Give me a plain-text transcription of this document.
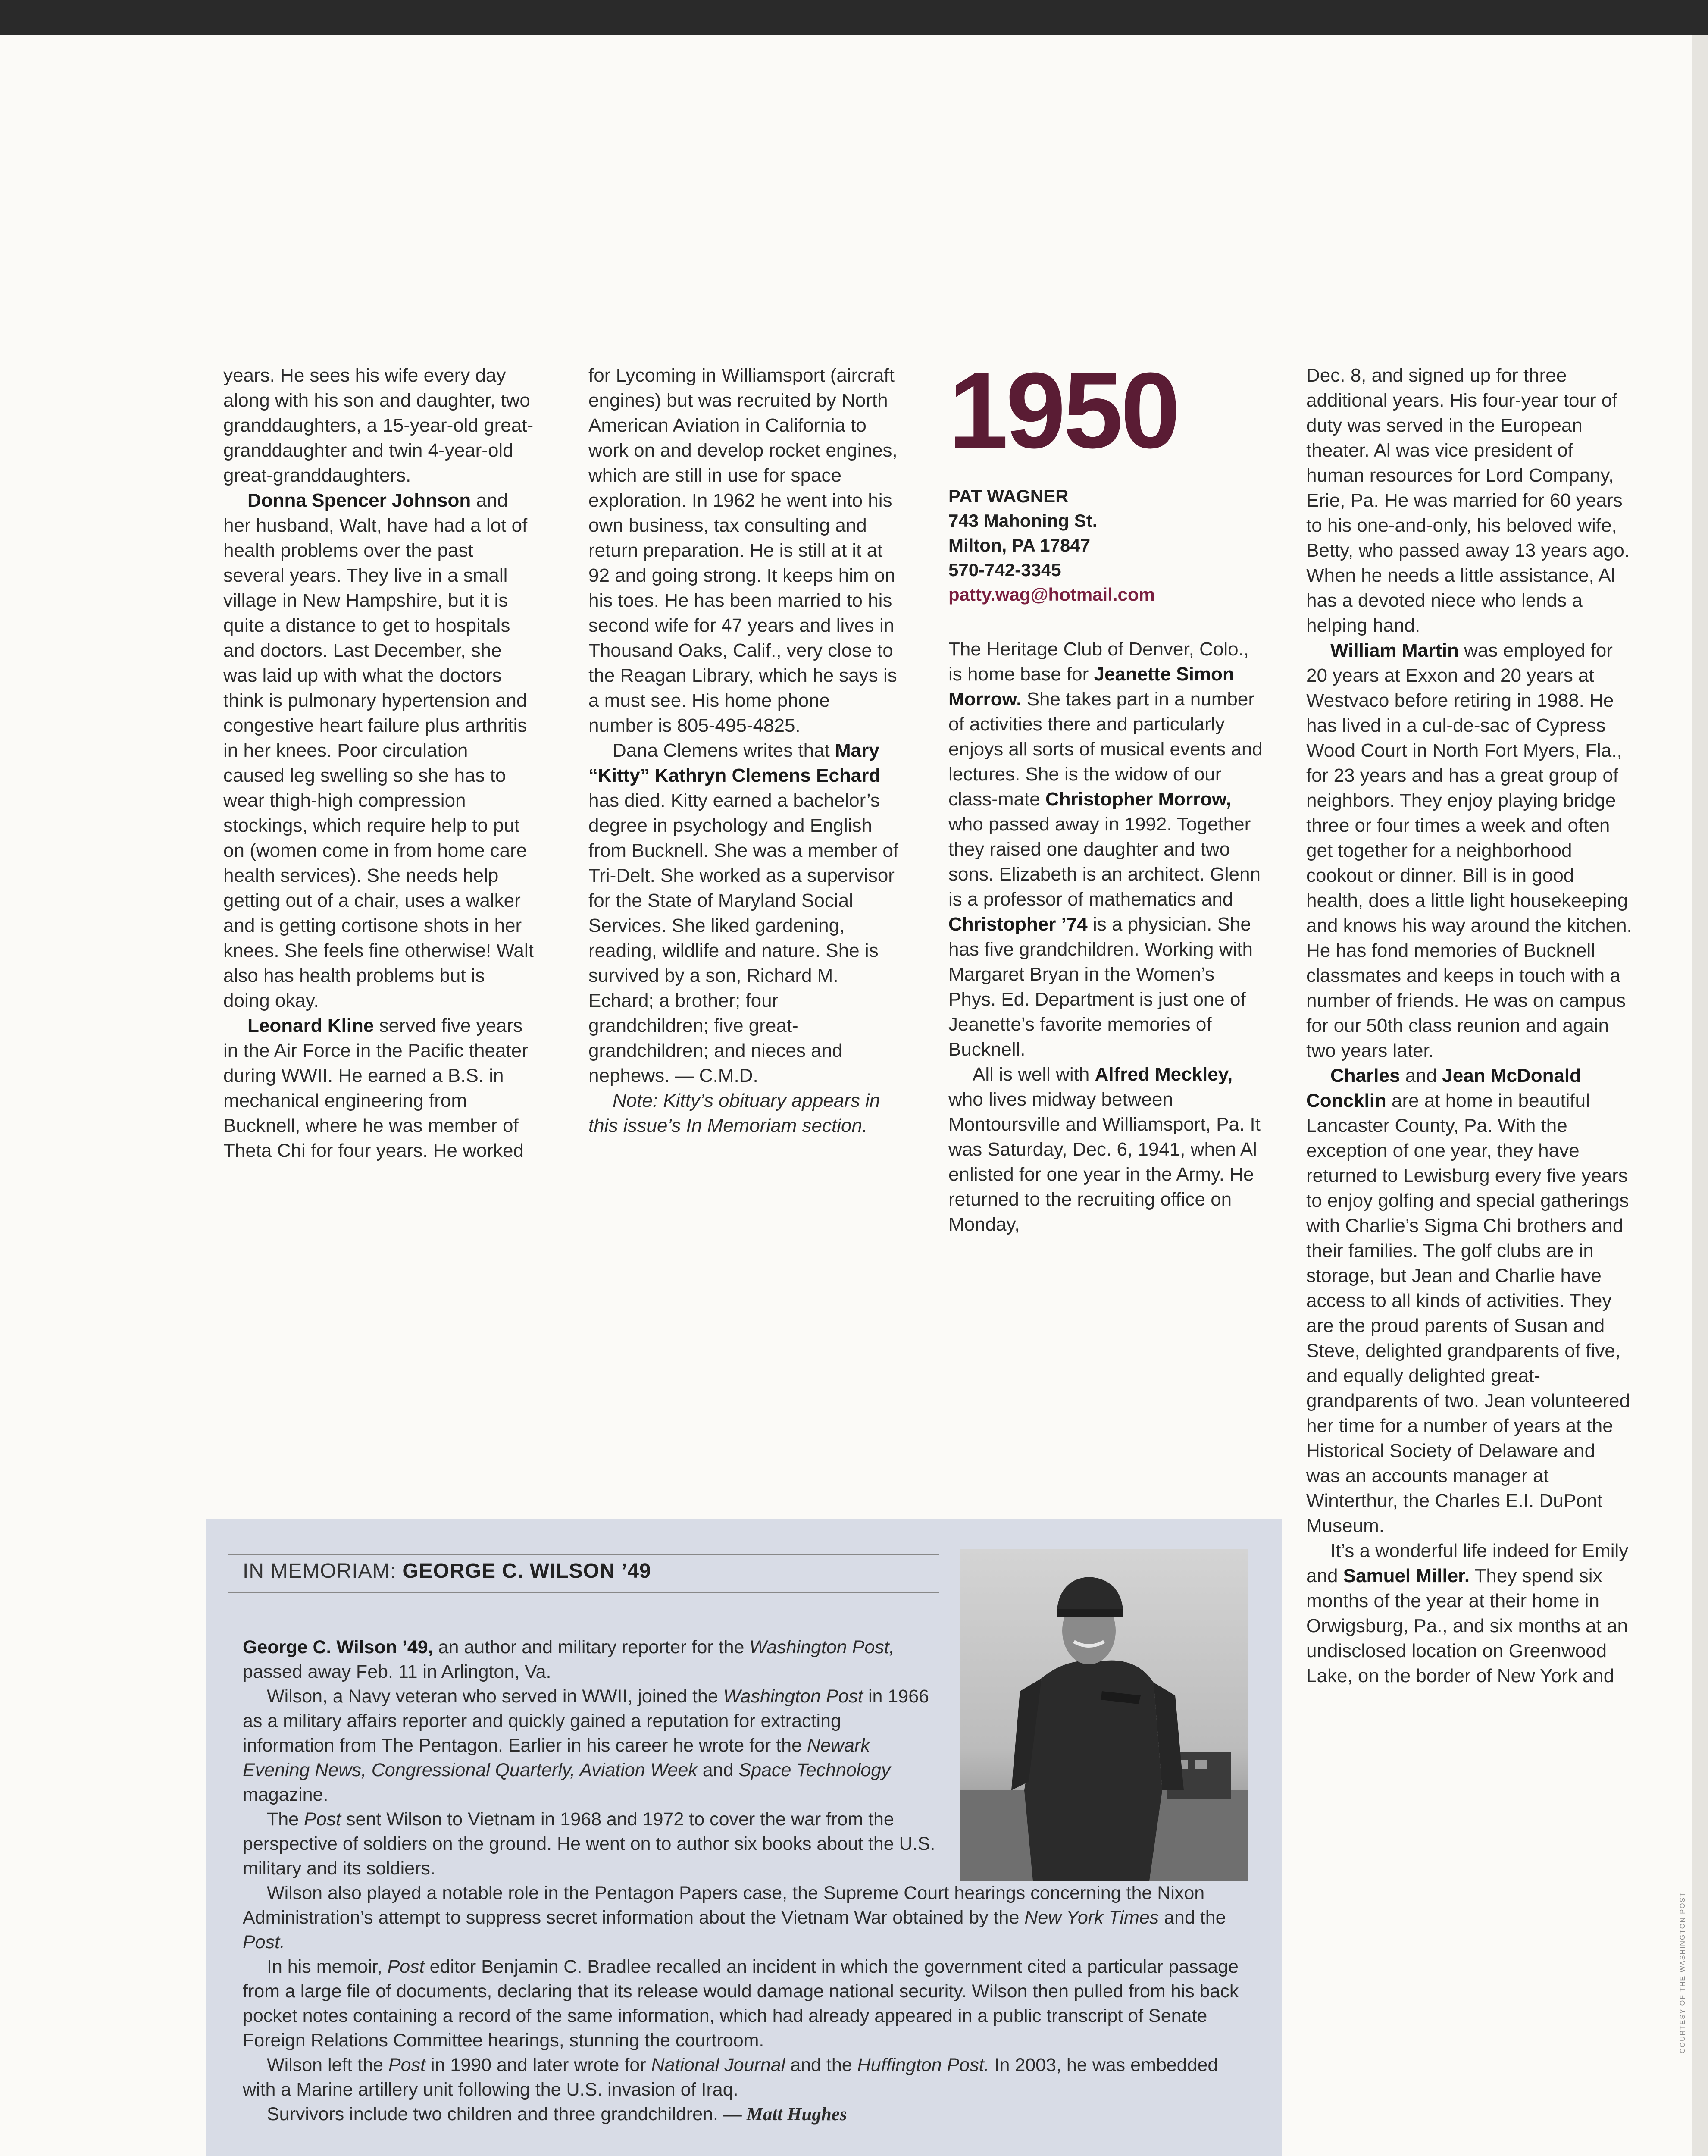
years. He sees his wife every day along with his son and daughter, two granddaughters, a 15-year-old great-granddaughter and twin 4-year-old great-granddaughters.

Donna Spencer Johnson and her husband, Walt, have had a lot of health problems over the past several years. They live in a small village in New Hampshire, but it is quite a distance to get to hospitals and doctors. Last December, she was laid up with what the doctors think is pulmonary hypertension and congestive heart failure plus arthritis in her knees. Poor circulation caused leg swelling so she has to wear thigh-high compression stockings, which require help to put on (women come in from home care health services). She needs help getting out of a chair, uses a walker and is getting cortisone shots in her knees. She feels fine otherwise! Walt also has health problems but is doing okay.

Leonard Kline served five years in the Air Force in the Pacific theater during WWII. He earned a B.S. in mechanical engineering from Bucknell, where he was member of Theta Chi for four years. He worked

for Lycoming in Williamsport (aircraft engines) but was recruited by North American Aviation in California to work on and develop rocket engines, which are still in use for space exploration. In 1962 he went into his own business, tax consulting and return preparation. He is still at it at 92 and going strong. It keeps him on his toes. He has been married to his second wife for 47 years and lives in Thousand Oaks, Calif., very close to the Reagan Library, which he says is a must see. His home phone number is 805-495-4825.

Dana Clemens writes that Mary “Kitty” Kathryn Clemens Echard has died. Kitty earned a bachelor’s degree in psychology and English from Bucknell. She was a member of Tri-Delt. She worked as a supervisor for the State of Maryland Social Services. She liked gardening, reading, wildlife and nature. She is survived by a son, Richard M. Echard; a brother; four grandchildren; five great-grandchildren; and nieces and nephews. — C.M.D.

Note: Kitty’s obituary appears in this issue’s In Memoriam section.

1950
PAT WAGNER
743 Mahoning St.
Milton, PA 17847
570-742-3345
patty.wag@hotmail.com

The Heritage Club of Denver, Colo., is home base for Jeanette Simon Morrow. She takes part in a number of activities there and particularly enjoys all sorts of musical events and lectures. She is the widow of our class-mate Christopher Morrow, who passed away in 1992. Together they raised one daughter and two sons. Elizabeth is an architect. Glenn is a professor of mathematics and Christopher ’74 is a physician. She has five grandchildren. Working with Margaret Bryan in the Women’s Phys. Ed. Department is just one of Jeanette’s favorite memories of Bucknell.

All is well with Alfred Meckley, who lives midway between Montoursville and Williamsport, Pa. It was Saturday, Dec. 6, 1941, when Al enlisted for one year in the Army. He returned to the recruiting office on Monday,

Dec. 8, and signed up for three additional years. His four-year tour of duty was served in the European theater. Al was vice president of human resources for Lord Company, Erie, Pa. He was married for 60 years to his one-and-only, his beloved wife, Betty, who passed away 13 years ago. When he needs a little assistance, Al has a devoted niece who lends a helping hand.

William Martin was employed for 20 years at Exxon and 20 years at Westvaco before retiring in 1988. He has lived in a cul-de-sac of Cypress Wood Court in North Fort Myers, Fla., for 23 years and has a great group of neighbors. They enjoy playing bridge three or four times a week and often get together for a neighborhood cookout or dinner. Bill is in good health, does a little light housekeeping and knows his way around the kitchen. He has fond memories of Bucknell classmates and keeps in touch with a number of friends. He was on campus for our 50th class reunion and again two years later.

Charles and Jean McDonald Concklin are at home in beautiful Lancaster County, Pa. With the exception of one year, they have returned to Lewisburg every five years to enjoy golfing and special gatherings with Charlie’s Sigma Chi brothers and their families. The golf clubs are in storage, but Jean and Charlie have access to all kinds of activities. They are the proud parents of Susan and Steve, delighted grandparents of five, and equally delighted great-grandparents of two. Jean volunteered her time for a number of years at the Historical Society of Delaware and was an accounts manager at Winterthur, the Charles E.I. DuPont Museum.

It’s a wonderful life indeed for Emily and Samuel Miller. They spend six months of the year at their home in Orwigsburg, Pa., and six months at an undisclosed location on Greenwood Lake, on the border of New York and

IN MEMORIAM: GEORGE C. WILSON ’49

George C. Wilson ’49, an author and military reporter for the Washington Post, passed away Feb. 11 in Arlington, Va.

Wilson, a Navy veteran who served in WWII, joined the Washington Post in 1966 as a military affairs reporter and quickly gained a reputation for extracting information from The Pentagon. Earlier in his career he wrote for the Newark Evening News, Congressional Quarterly, Aviation Week and Space Technology magazine.

The Post sent Wilson to Vietnam in 1968 and 1972 to cover the war from the perspective of soldiers on the ground. He went on to author six books about the U.S. military and its soldiers.

Wilson also played a notable role in the Pentagon Papers case, the Supreme Court hearings concerning the Nixon Administration’s attempt to suppress secret information about the Vietnam War obtained by the New York Times and the Post.

In his memoir, Post editor Benjamin C. Bradlee recalled an incident in which the government cited a particular passage from a large file of documents, declaring that its release would damage national security. Wilson then pulled from his back pocket notes containing a record of the same information, which had already appeared in a public transcript of Senate Foreign Relations Committee hearings, stunning the courtroom.

Wilson left the Post in 1990 and later wrote for National Journal and the Huffington Post. In 2003, he was embedded with a Marine artillery unit following the U.S. invasion of Iraq.

Survivors include two children and three grandchildren. — Matt Hughes

COURTESY OF THE WASHINGTON POST
